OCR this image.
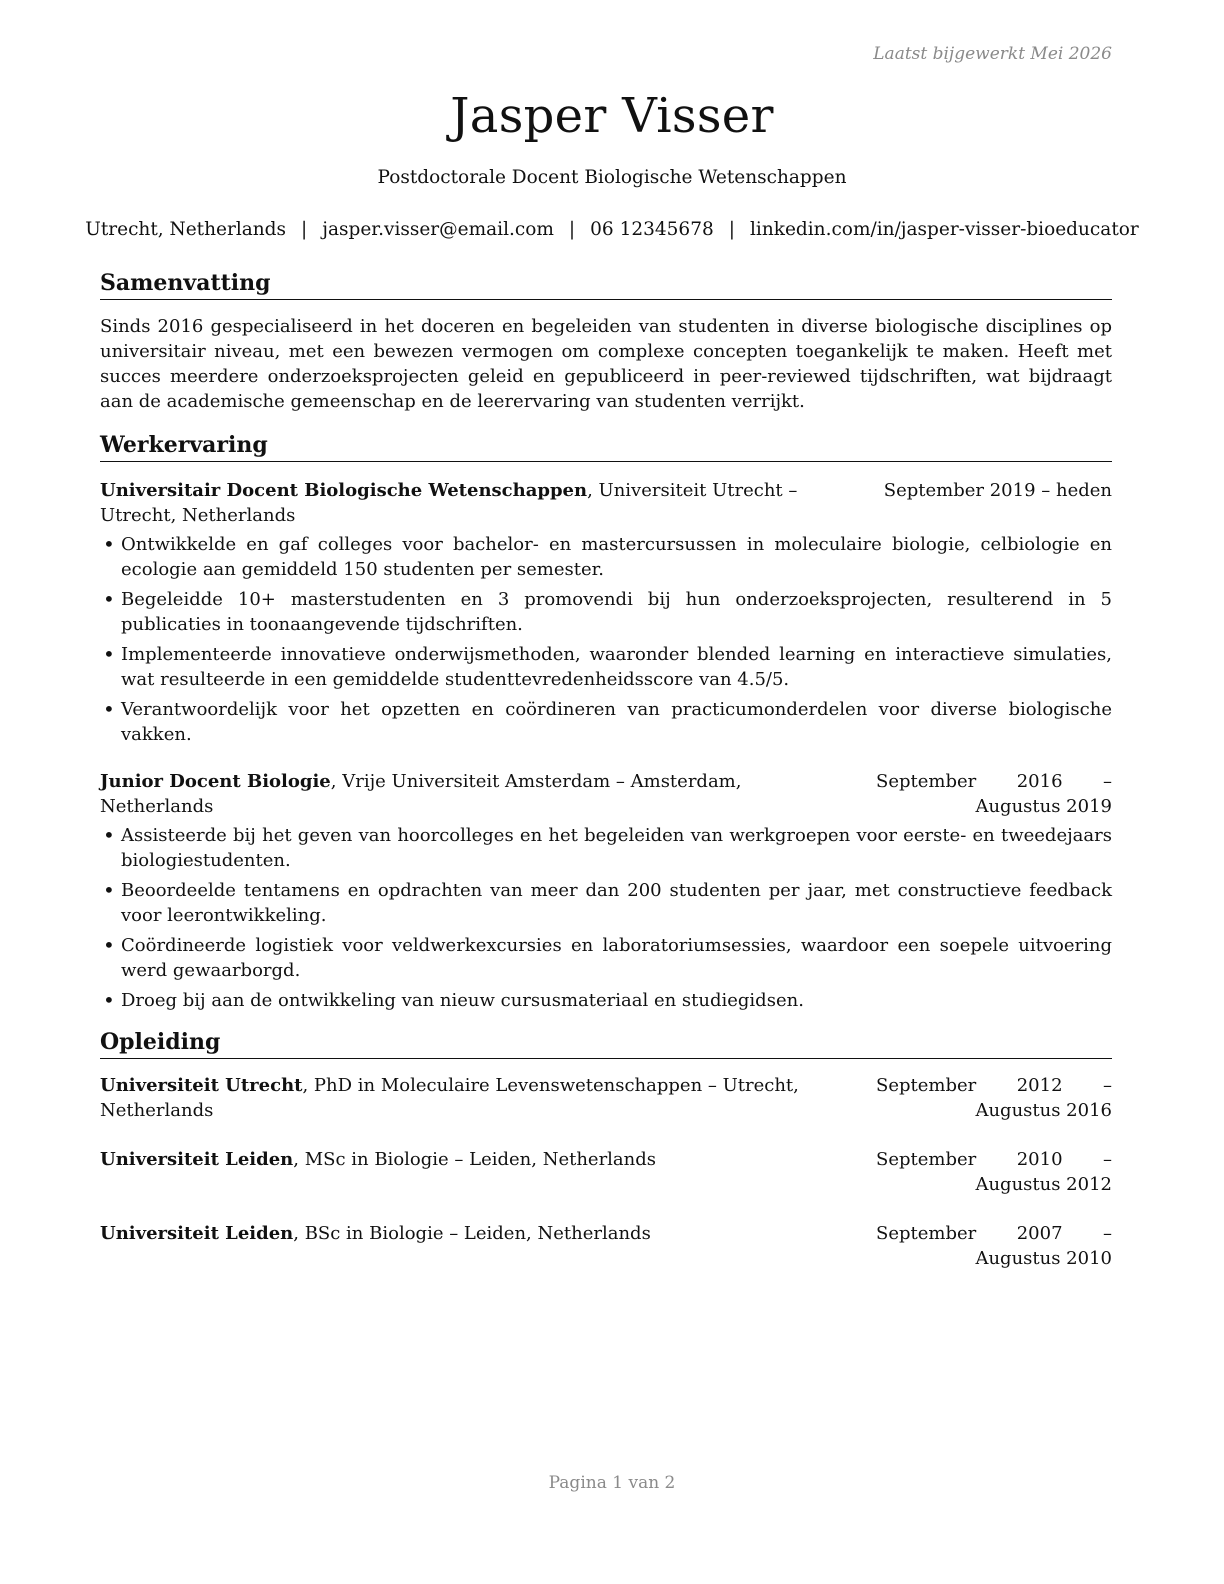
Laatst bijgewerkt Mei 2026
Jasper Visser
Postdoctorale Docent Biologische Wetenschappen
Utrecht, Netherlands | jasper.visser@email.com | 06 12345678 | linkedin.com/in/jasper-visser-bioeducator
Samenvatting

Sinds 2016 gespecialiseerd in het doceren en begeleiden van studenten in diverse biologische disciplines op universitair niveau, met een bewezen vermogen om complexe concepten toegankelijk te maken. Heeft met succes meerdere onderzoeksprojecten geleid en gepubliceerd in peer-reviewed tijdschriften, wat bijdraagt aan de academische gemeenschap en de leerervaring van studenten verrijkt.

Werkervaring
Universitair Docent Biologische Wetenschappen, Universiteit Utrecht – Utrecht, Netherlands
September 2019 – heden
• Ontwikkelde en gaf colleges voor bachelor- en mastercursussen in moleculaire biologie, celbiologie en ecologie aan gemiddeld 150 studenten per semester.
• Begeleidde 10+ masterstudenten en 3 promovendi bij hun onderzoeksprojecten, resulterend in 5 publicaties in toonaangevende tijdschriften.
• Implementeerde innovatieve onderwijsmethoden, waaronder blended learning en interactieve simulaties, wat resulteerde in een gemiddelde studenttevredenheidsscore van 4.5/5.
• Verantwoordelijk voor het opzetten en coördineren van practicumonderdelen voor diverse biologische vakken.
Junior Docent Biologie, Vrije Universiteit Amsterdam – Amsterdam, Netherlands
September 2016 – Augustus 2019
• Assisteerde bij het geven van hoorcolleges en het begeleiden van werkgroepen voor eerste- en tweedejaars biologiestudenten.
• Beoordeelde tentamens en opdrachten van meer dan 200 studenten per jaar, met constructieve feedback voor leerontwikkeling.
• Coördineerde logistiek voor veldwerkexcursies en laboratoriumsessies, waardoor een soepele uitvoering werd gewaarborgd.
• Droeg bij aan de ontwikkeling van nieuw cursusmateriaal en studiegidsen.
Opleiding
Universiteit Utrecht, PhD in Moleculaire Levenswetenschappen – Utrecht, Netherlands
September 2012 – Augustus 2016
Universiteit Leiden, MSc in Biologie – Leiden, Netherlands	September 2010 – Augustus 2012
Universiteit Leiden, BSc in Biologie – Leiden, Netherlands	September 2007 – Augustus 2010
Pagina 1 van 2
